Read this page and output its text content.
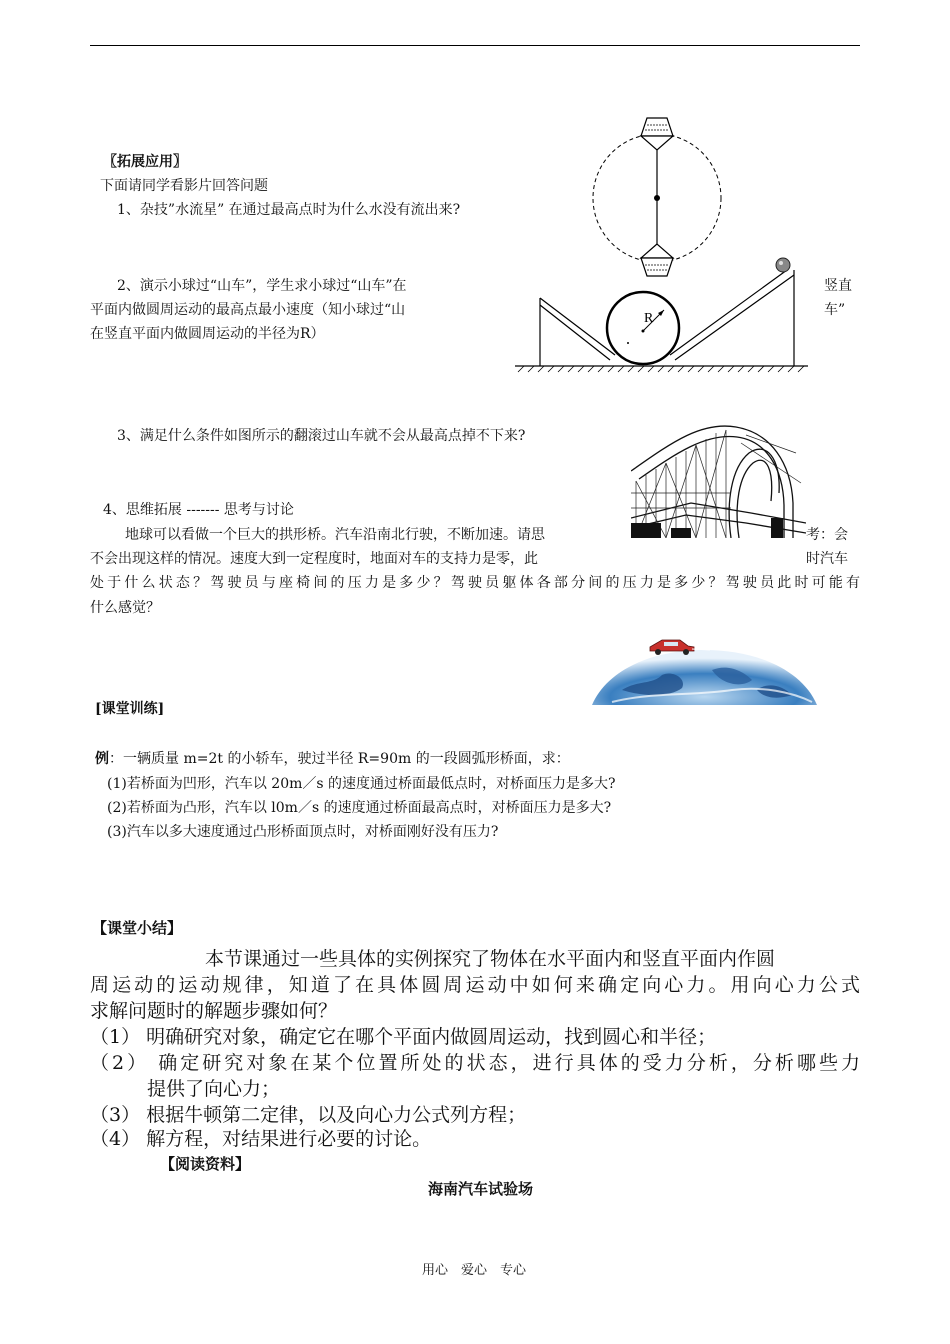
R
〖拓展应用〗
下面请同学看影片回答问题
1、杂技”水流星” 在通过最高点时为什么水没有流出来?
2、演示小球过“山车”，学生求小球过“山车”在	竖直
平面内做圆周运动的最高点最小速度（知小球过“山	车”
在竖直平面内做圆周运动的半径为R）
3、满足什么条件如图所示的翻滚过山车就不会从最高点掉不下来?
4、思维拓展 ------- 思考与讨论
地球可以看做一个巨大的拱形桥。汽车沿南北行驶，不断加速。请思	考：会
不会出现这样的情况。速度大到一定程度时，地面对车的支持力是零，此	时汽车
处于什么状态？驾驶员与座椅间的压力是多少？驾驶员躯体各部分间的压力是多少？驾驶员此时可能有
什么感觉？
[课堂训练]
例：一辆质量 m=2t 的小轿车，驶过半径 R=90m 的一段圆弧形桥面，求：
(1)若桥面为凹形，汽车以 20m／s 的速度通过桥面最低点时，对桥面压力是多大?
(2)若桥面为凸形，汽车以 l0m／s 的速度通过桥面最高点时，对桥面压力是多大?
(3)汽车以多大速度通过凸形桥面顶点时，对桥面刚好没有压力?
【课堂小结】
本节课通过一些具体的实例探究了物体在水平面内和竖直平面内作圆
周运动的运动规律，知道了在具体圆周运动中如何来确定向心力。用向心力公式
求解问题时的解题步骤如何？
（1） 明确研究对象，确定它在哪个平面内做圆周运动，找到圆心和半径；
（2） 确定研究对象在某个位置所处的状态，进行具体的受力分析，分析哪些力
提供了向心力；
（3） 根据牛顿第二定律，以及向心力公式列方程；
（4） 解方程，对结果进行必要的讨论。
【阅读资料】
海南汽车试验场
用心　爱心　专心
